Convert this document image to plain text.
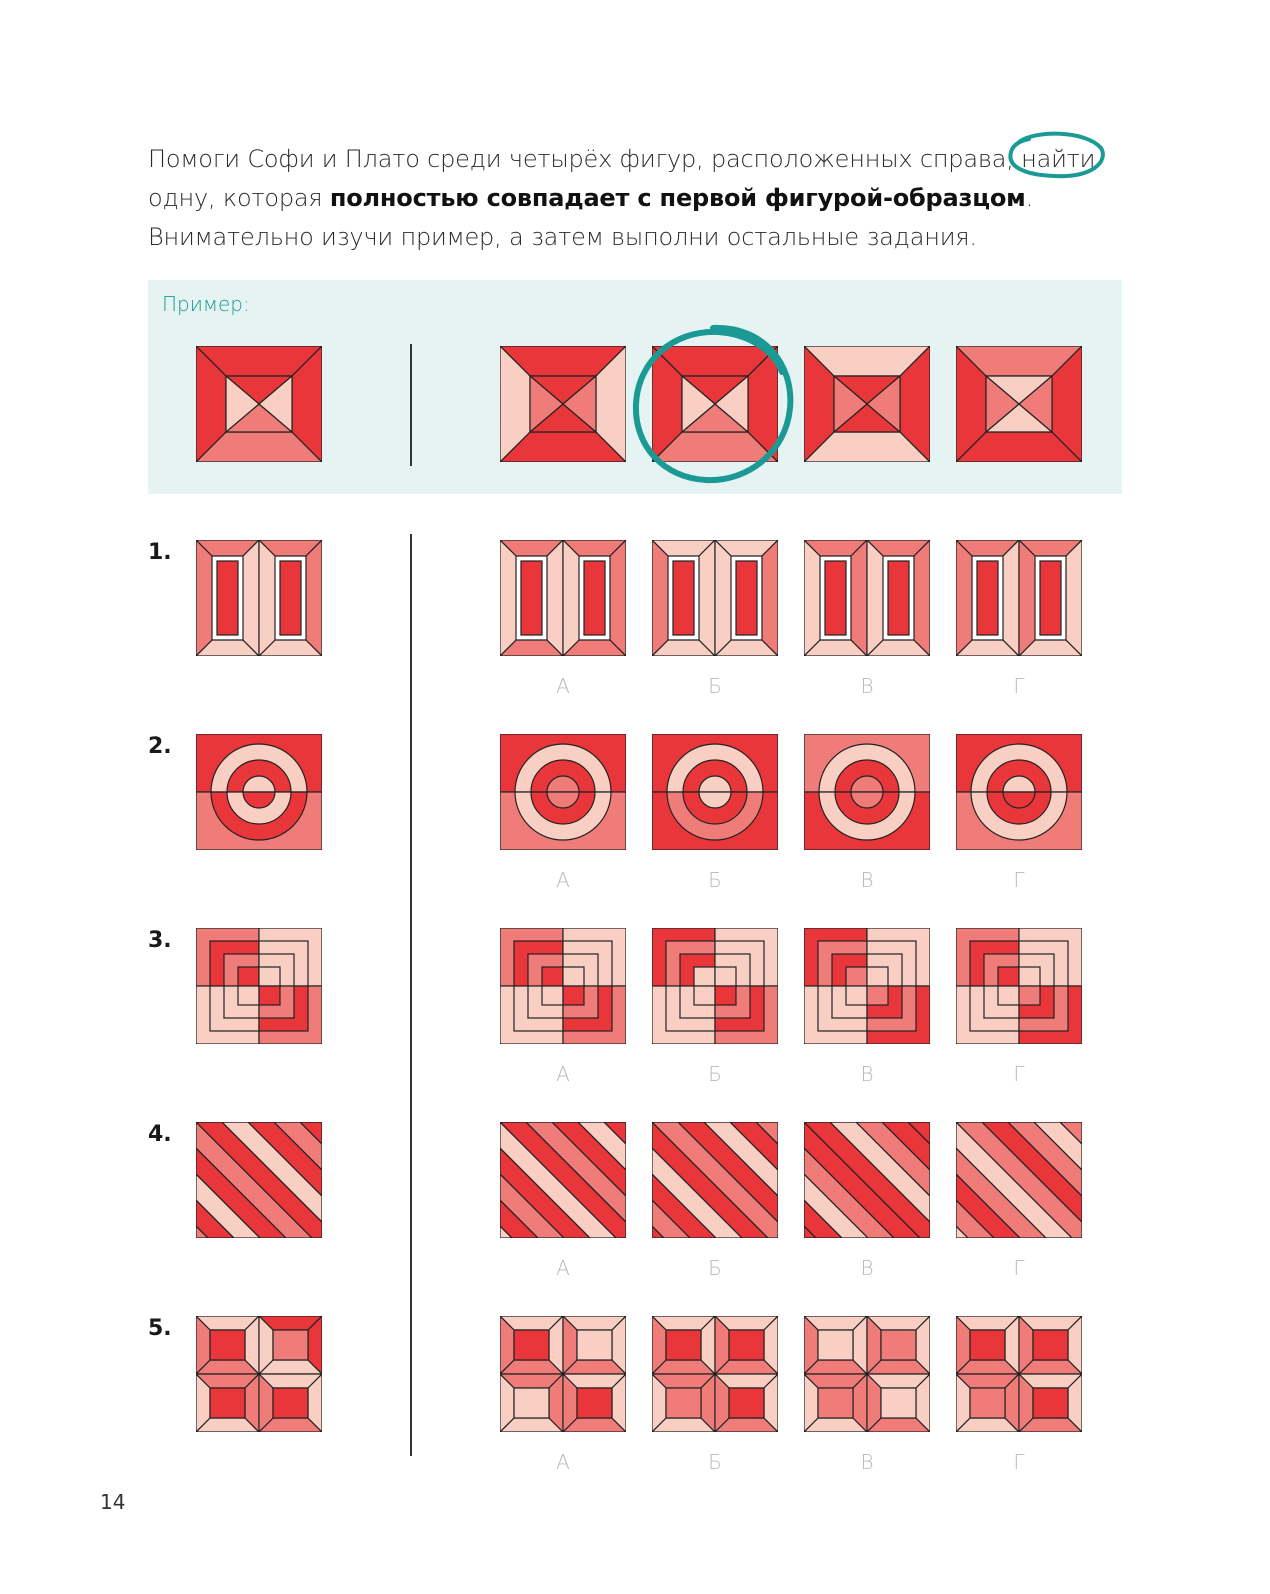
Помоги Софи и Плато среди четырёх фигур, расположенных справа, найти
одну, которая полностью совпадает с первой фигурой-образцом.
Внимательно изучи пример, а затем выполни остальные задания.
Пример:
1.
2.
3.
4.
5.
А	Б	В	Г
А	Б	В	Г
А	Б	В	Г
А	Б	В	Г
А	Б	В	Г
14
